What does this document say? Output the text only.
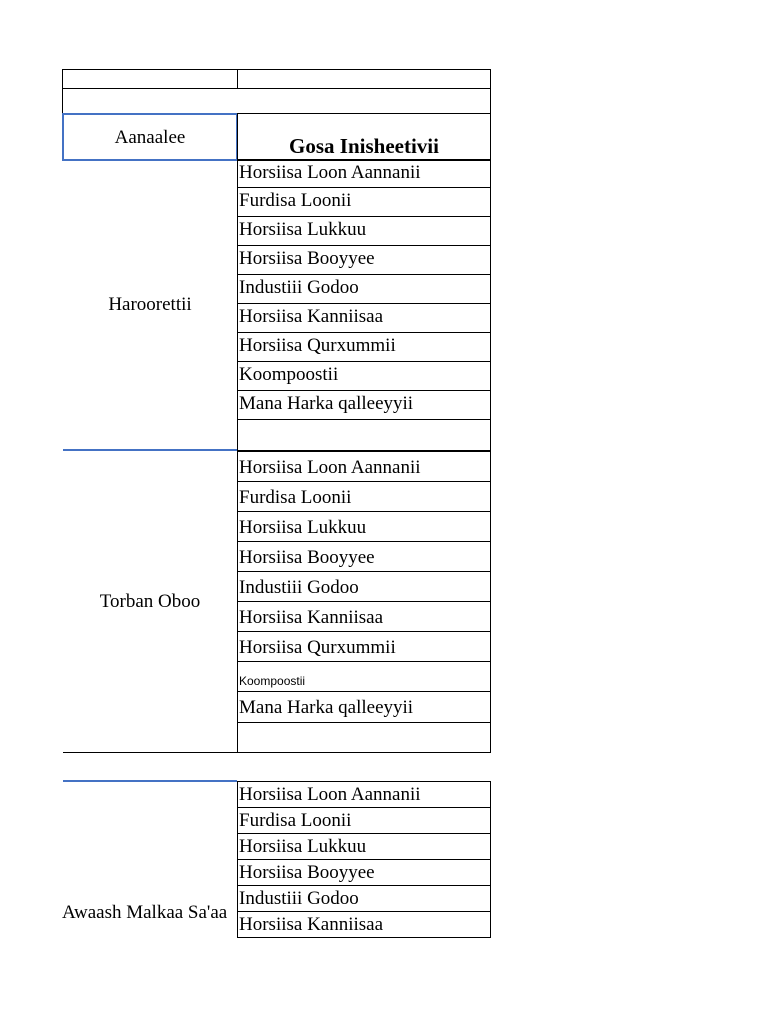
Aanaalee	Gosa Inisheetivii
Haroorettii
Horsiisa Loon Aannanii
Furdisa Loonii
Horsiisa Lukkuu
Horsiisa Booyyee
Industiii Godoo
Horsiisa Kanniisaa
Horsiisa Qurxummii
Koompoostii
Mana Harka qalleeyyii
Torban Oboo
Horsiisa Loon Aannanii
Furdisa Loonii
Horsiisa Lukkuu
Horsiisa Booyyee
Industiii Godoo
Horsiisa Kanniisaa
Horsiisa Qurxummii
Koompoostii
Mana Harka qalleeyyii
Awaash Malkaa Sa'aa
Horsiisa Loon Aannanii
Furdisa Loonii
Horsiisa Lukkuu
Horsiisa Booyyee
Industiii Godoo
Horsiisa Kanniisaa
